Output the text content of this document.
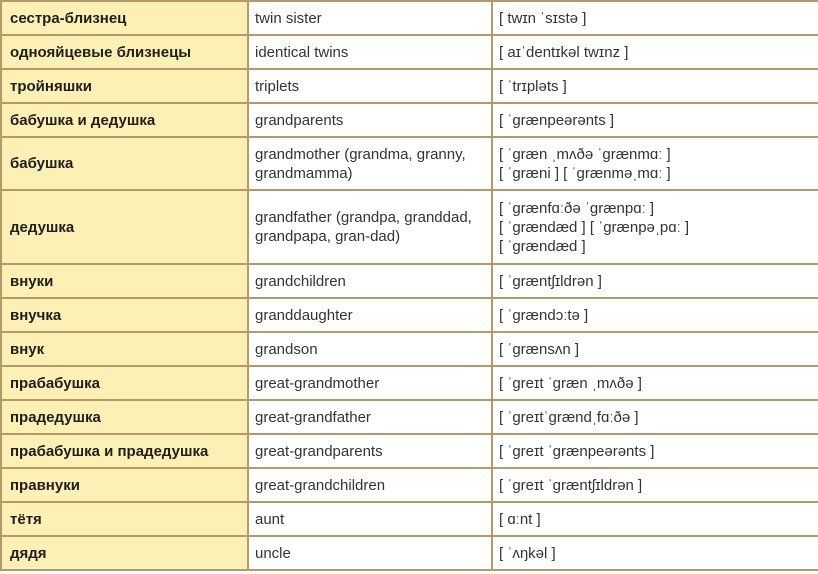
сестра-близнец	twin sister	[ twɪn ˈsɪstə ]
однояйцевые близнецы	identical twins	[ aɪˈdentɪkəl twɪnz ]
тройняшки	triplets	[ ˈtrɪpləts ]
бабушка и дедушка	grandparents	[ ˈgrænpeərənts ]
бабушка	grandmother (grandma, granny, grandmamma)	[ ˈgræn ˌmʌðə ˈgrænmɑː ]
[ ˈgræni ] [ ˈgrænməˌmɑː ]
дедушка	grandfather (grandpa, granddad, grandpapa, gran-dad)	[ ˈgrænfɑːðə ˈgrænpɑː ]
[ ˈgrændæd ] [ ˈgrænpəˌpɑː ]
[ ˈgrændæd ]
внуки	grandchildren	[ ˈgræntʃɪldrən ]
внучка	granddaughter	[ ˈgrændɔːtə ]
внук	grandson	[ ˈgrænsʌn ]
прабабушка	great-grandmother	[ ˈgreɪt ˈgræn ˌmʌðə ]
прадедушка	great-grandfather	[ ˈgreɪtˈgrændˌfɑːðə ]
прабабушка и прадедушка	great-grandparents	[ ˈgreɪt ˈgrænpeərənts ]
правнуки	great-grandchildren	[ ˈgreɪt ˈgræntʃɪldrən ]
тётя	aunt	[ ɑːnt ]
дядя	uncle	[ ˈʌŋkəl ]
